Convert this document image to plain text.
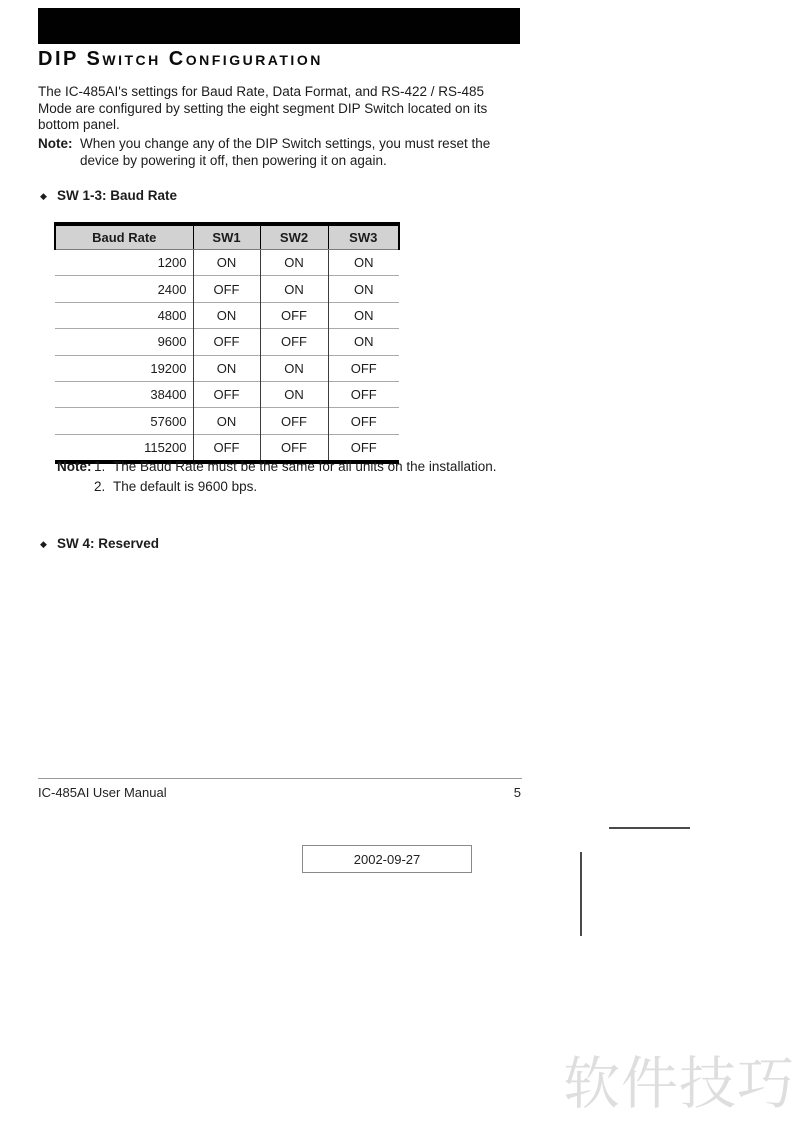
DIP Switch Configuration
The IC-485AI's settings for Baud Rate, Data Format, and RS-422 / RS-485
Mode are configured by setting the eight segment DIP Switch located on its
bottom panel.
Note: When you change any of the DIP Switch settings, you must reset the
device by powering it off, then powering it on again.
◆ SW 1-3: Baud Rate
Baud Rate	SW1	SW2	SW3
1200	ON	ON	ON
2400	OFF	ON	ON
4800	ON	OFF	ON
9600	OFF	OFF	ON
19200	ON	ON	OFF
38400	OFF	ON	OFF
57600	ON	OFF	OFF
115200	OFF	OFF	OFF
Note: 1. The Baud Rate must be the same for all units on the installation.
2. The default is 9600 bps.
◆ SW 4: Reserved
IC-485AI User Manual	5
2002-09-27
软件技巧
